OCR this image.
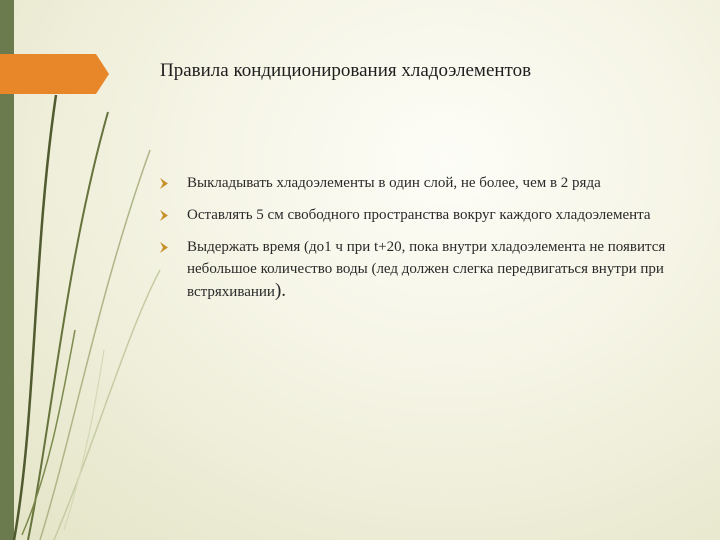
Правила кондиционирования хладоэлементов
Выкладывать хладоэлементы в один слой, не более, чем в 2 ряда
Оставлять 5 см свободного пространства вокруг каждого хладоэлемента
Выдержать время (до1 ч при t+20, пока внутри хладоэлемента не появится небольшое количество воды (лед должен слегка передвигаться внутри при встряхивании).
